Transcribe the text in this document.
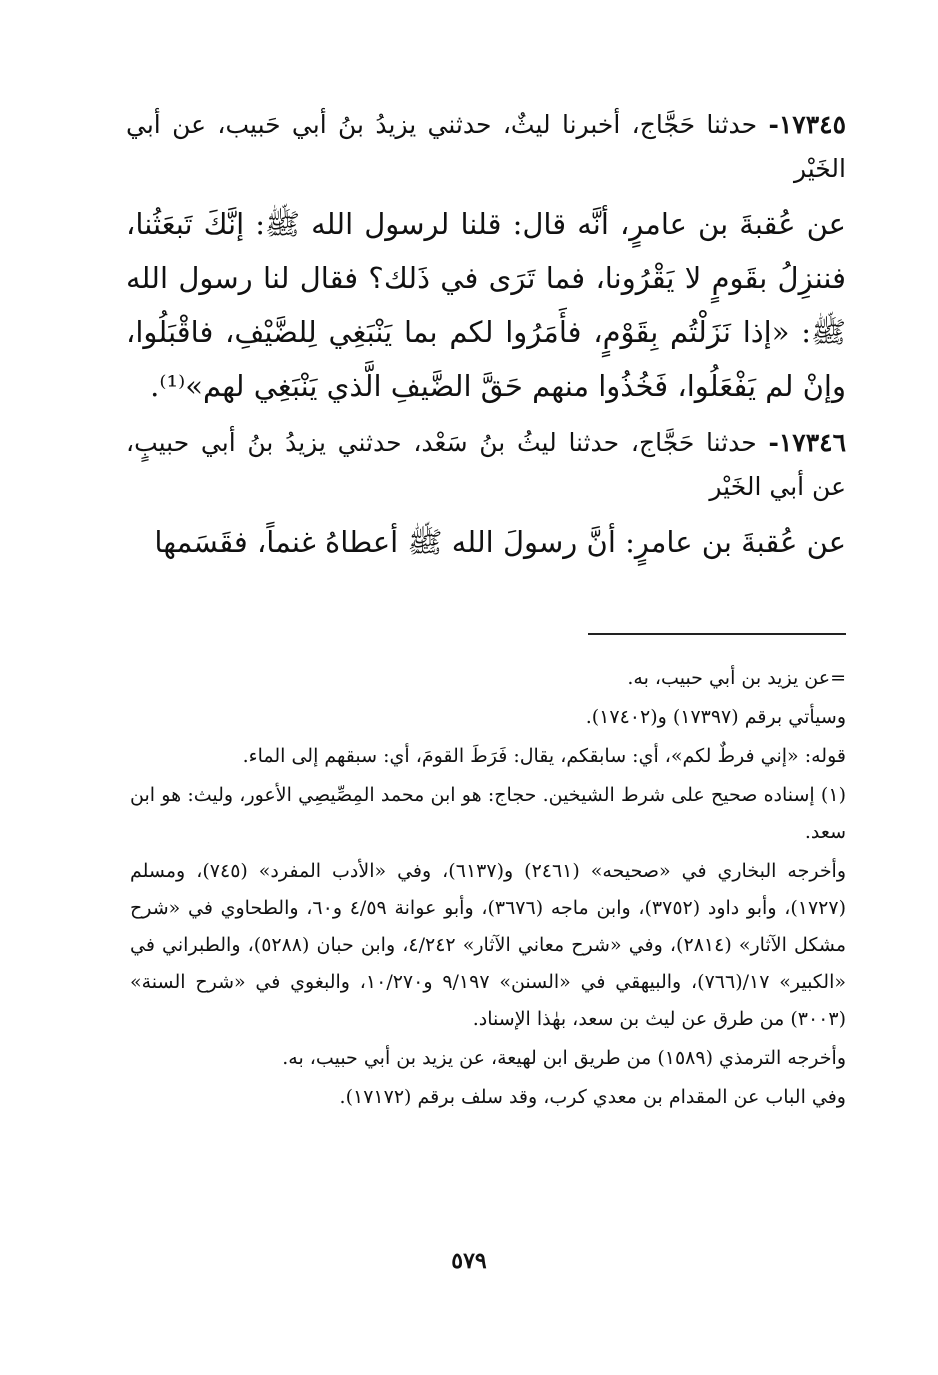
١٧٣٤٥- حدثنا حَجَّاج، أخبرنا ليثٌ، حدثني يزيدُ بنُ أبي حَبيب، عن أبي الخَيْر

عن عُقبةَ بن عامرٍ، أنَّه قال: قلنا لرسول الله ﷺ: إنَّكَ تَبعَثُنا، فننزِلُ بقَومٍ لا يَقْرُونا، فما تَرَى في ذَلك؟ فقال لنا رسول الله ﷺ: «إذا نَزَلْتُم بِقَوْمٍ، فأَمَرُوا لكم بما يَنْبَغِي لِلضَّيْفِ، فاقْبَلُوا، وإنْ لم يَفْعَلُوا، فَخُذُوا منهم حَقَّ الضَّيفِ الَّذي يَنْبَغِي لهم»⁽¹⁾.

١٧٣٤٦- حدثنا حَجَّاج، حدثنا ليثُ بنُ سَعْد، حدثني يزيدُ بنُ أبي حبيبٍ، عن أبي الخَيْر

عن عُقبةَ بن عامرٍ: أنَّ رسولَ الله ﷺ أعطاهُ غنماً، فقَسَمها

=عن يزيد بن أبي حبيب، به.

وسيأتي برقم (١٧٣٩٧) و(١٧٤٠٢).

قوله: «إني فرطٌ لكم»، أي: سابقكم، يقال: فَرَطَ القومَ، أي: سبقهم إلى الماء.

(١) إسناده صحيح على شرط الشيخين. حجاج: هو ابن محمد المِصِّيصِي الأعور، وليث: هو ابن سعد.

وأخرجه البخاري في «صحيحه» (٢٤٦١) و(٦١٣٧)، وفي «الأدب المفرد» (٧٤٥)، ومسلم (١٧٢٧)، وأبو داود (٣٧٥٢)، وابن ماجه (٣٦٧٦)، وأبو عوانة ٤/٥٩ و٦٠، والطحاوي في «شرح مشكل الآثار» (٢٨١٤)، وفي «شرح معاني الآثار» ٤/٢٤٢، وابن حبان (٥٢٨٨)، والطبراني في «الكبير» ١٧/(٧٦٦)، والبيهقي في «السنن» ٩/١٩٧ و١٠/٢٧٠، والبغوي في «شرح السنة» (٣٠٠٣) من طرق عن ليث بن سعد، بهٰذا الإسناد.

وأخرجه الترمذي (١٥٨٩) من طريق ابن لهيعة، عن يزيد بن أبي حبيب، به.

وفي الباب عن المقدام بن معدي كرب، وقد سلف برقم (١٧١٧٢).

٥٧٩
